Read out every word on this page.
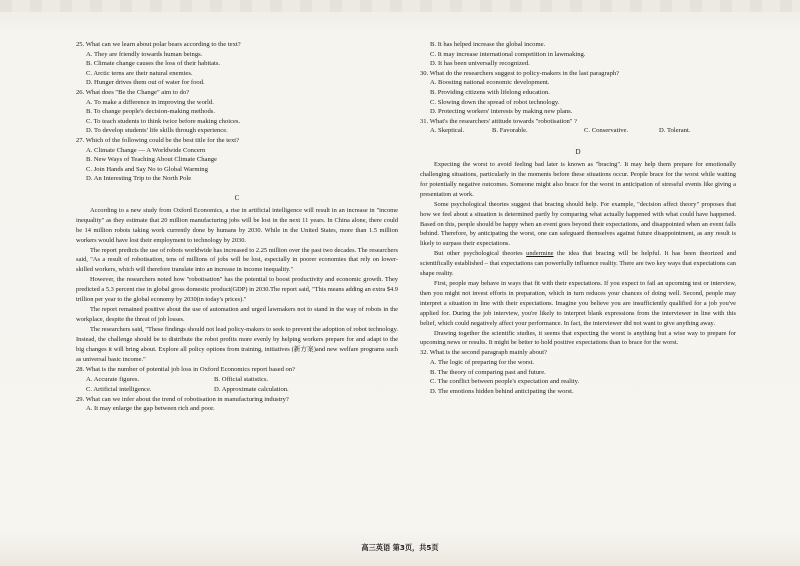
25. What can we learn about polar bears according to the text?
A. They are friendly towards human beings.
B. Climate change causes the loss of their habitats.
C. Arctic terns are their natural enemies.
D. Hunger drives them out of water for food.
26. What does "Be the Change" aim to do?
A. To make a difference in improving the world.
B. To change people's decision-making methods.
C. To teach students to think twice before making choices.
D. To develop students' life skills through experience.
27. Which of the following could be the best title for the text?
A. Climate Change — A Worldwide Concern
B. New Ways of Teaching About Climate Change
C. Join Hands and Say No to Global Warming
D. An Interesting Trip to the North Pole
C

According to a new study from Oxford Economics, a rise in artificial intelligence will result in an increase in "income inequality" as they estimate that 20 million manufacturing jobs will be lost in the next 11 years. In China alone, there could be 14 million robots taking work currently done by humans by 2030. While in the United States, more than 1.5 million workers would have lost their employment to technology by 2030.

The report predicts the use of robots worldwide has increased to 2.25 million over the past two decades. The researchers said, "As a result of robotisation, tens of millions of jobs will be lost, especially in poorer economies that rely on lower-skilled workers, which will therefore translate into an increase in income inequality."

However, the researchers noted how "robotisation" has the potential to boost productivity and economic growth. They predicted a 5.3 percent rise in global gross domestic product(GDP) in 2030.The report said, "This means adding an extra $4.9 trillion per year to the global economy by 2030(in today's prices)."

The report remained positive about the use of automation and urged lawmakers not to stand in the way of robots in the workplace, despite the threat of job losses.

The researchers said, "These findings should not lead policy-makers to seek to prevent the adoption of robot technology. Instead, the challenge should be to distribute the robot profits more evenly by helping workers prepare for and adapt to the big changes it will bring about. Explore all policy options from training, initiatives (新方案)and new welfare programs such as universal basic income."

28. What is the number of potential job loss in Oxford Economics report based on?
A. Accurate figures.	B. Official statistics.
C. Artificial intelligence.	D. Approximate calculation.
29. What can we infer about the trend of robotisation in manufacturing industry?
A. It may enlarge the gap between rich and poor.
B. It has helped increase the global income.
C. It may increase international competition in lawmaking.
D. It has been universally recognized.
30. What do the researchers suggest to policy-makers in the last paragraph?
A. Boosting national economic development.
B. Providing citizens with lifelong education.
C. Slowing down the spread of robot technology.
D. Protecting workers' interests by making new plans.
31. What's the researchers' attitude towards "robotisation" ?
A. Skeptical.	B. Favorable.	C. Conservative.	D. Tolerant.
D

Expecting the worst to avoid feeling bad later is known as "bracing". It may help them prepare for emotionally challenging situations, particularly in the moments before these situations occur. People brace for the worst while waiting for potentially negative outcomes. Someone might also brace for the worst in anticipation of stressful events like giving a presentation at work.

Some psychological theories suggest that bracing should help. For example, "decision affect theory" proposes that how we feel about a situation is determined partly by comparing what actually happened with what could have happened. Based on this, people should be happy when an event goes beyond their expectations, and disappointed when an event falls behind. Therefore, by anticipating the worst, one can safeguard themselves against future disappointment, as any result is likely to surpass their expectations.

But other psychological theories undermine the idea that bracing will be helpful. It has been theorized and scientifically established – that expectations can powerfully influence reality. There are two key ways that expectations can shape reality.

First, people may behave in ways that fit with their expectations. If you expect to fail an upcoming test or interview, then you might not invest efforts in preparation, which in turn reduces your chances of doing well. Second, people may interpret a situation in line with their expectations. Imagine you believe you are insufficiently qualified for a job you've applied for. During the job interview, you're likely to interpret blank expressions from the interviewer in line with this belief, which could negatively affect your performance. In fact, the interviewer did not want to give anything away.

Drawing together the scientific studies, it seems that expecting the worst is anything but a wise way to prepare for upcoming news or results. It might be better to hold positive expectations than to brace for the worst.

32. What is the second paragraph mainly about?
A. The logic of preparing for the worst.
B. The theory of comparing past and future.
C. The conflict between people's expectation and reality.
D. The emotions hidden behind anticipating the worst.
高三英语 第3页，共5页
